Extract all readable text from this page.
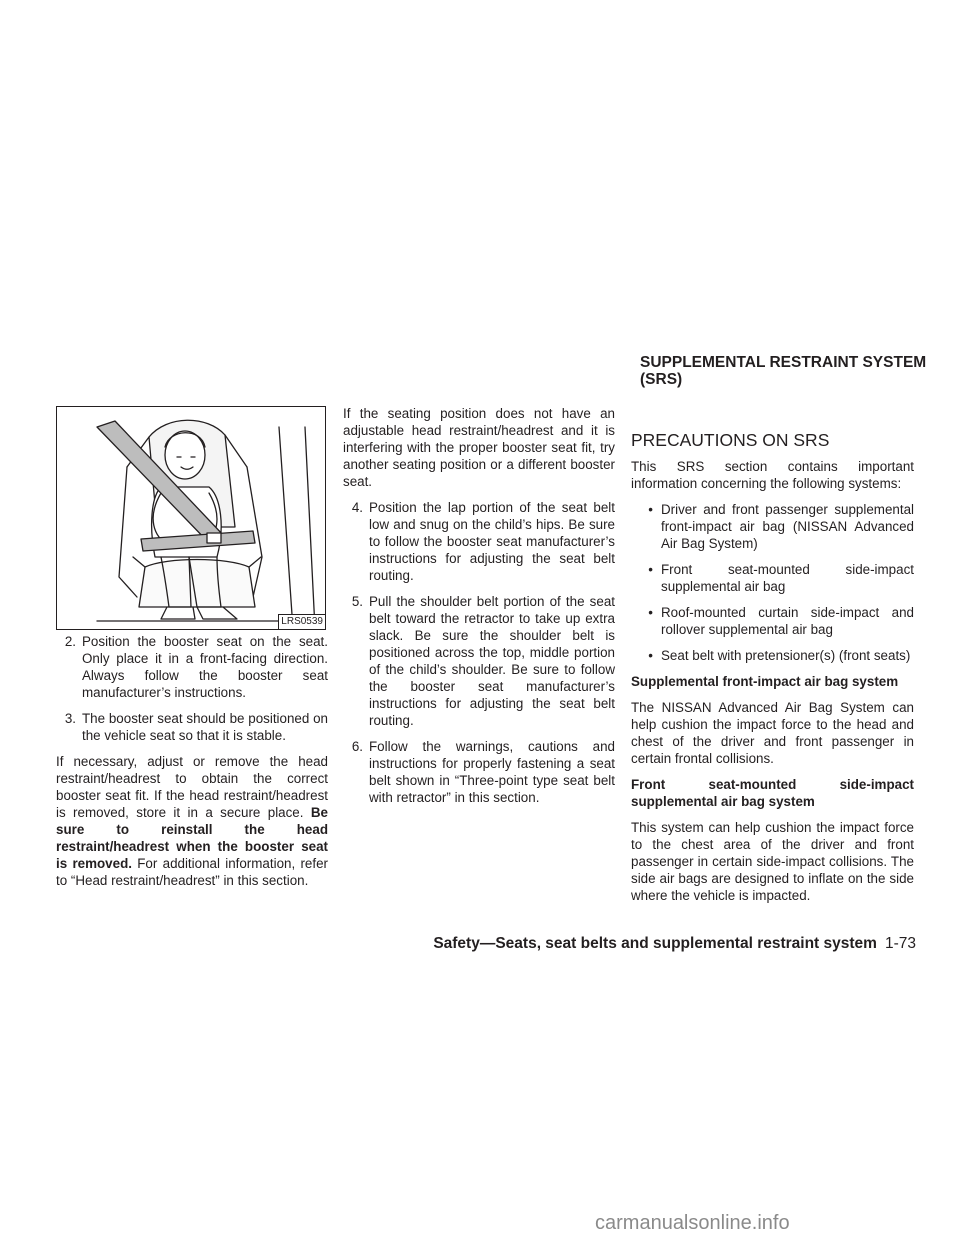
SUPPLEMENTAL RESTRAINT SYSTEM
(SRS)
LRS0539
2. Position the booster seat on the seat. Only place it in a front-facing direction. Always follow the booster seat manufacturer’s instructions.
3. The booster seat should be positioned on the vehicle seat so that it is stable.

If necessary, adjust or remove the head restraint/headrest to obtain the correct booster seat fit. If the head restraint/headrest is removed, store it in a secure place. Be sure to reinstall the head restraint/headrest when the booster seat is removed. For additional information, refer to “Head restraint/headrest” in this section.

If the seating position does not have an adjustable head restraint/headrest and it is interfering with the proper booster seat fit, try another seating position or a different booster seat.

4. Position the lap portion of the seat belt low and snug on the child’s hips. Be sure to follow the booster seat manufacturer’s instructions for adjusting the seat belt routing.
5. Pull the shoulder belt portion of the seat belt toward the retractor to take up extra slack. Be sure the shoulder belt is positioned across the top, middle portion of the child’s shoulder. Be sure to follow the booster seat manufacturer’s instructions for adjusting the seat belt routing.
6. Follow the warnings, cautions and instructions for properly fastening a seat belt shown in “Three-point type seat belt with retractor” in this section.
PRECAUTIONS ON SRS

This SRS section contains important information concerning the following systems:

• Driver and front passenger supplemental front-impact air bag (NISSAN Advanced Air Bag System)
• Front seat-mounted side-impact supplemental air bag
• Roof-mounted curtain side-impact and rollover supplemental air bag
• Seat belt with pretensioner(s) (front seats)

Supplemental front-impact air bag system

The NISSAN Advanced Air Bag System can help cushion the impact force to the head and chest of the driver and front passenger in certain frontal collisions.

Front seat-mounted side-impact supplemental air bag system

This system can help cushion the impact force to the chest area of the driver and front passenger in certain side-impact collisions. The side air bags are designed to inflate on the side where the vehicle is impacted.

Safety—Seats, seat belts and supplemental restraint system 1-73
carmanualsonline.info
